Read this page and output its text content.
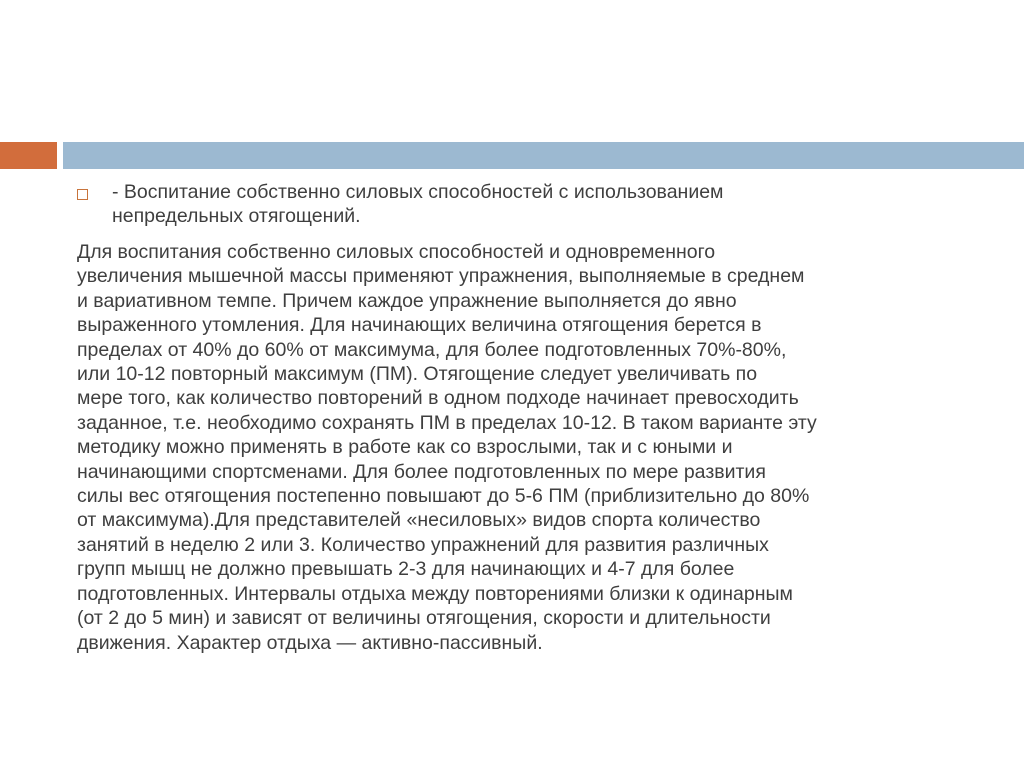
- Воспитание собственно силовых способностей с использованием
непредельных отягощений.
Для воспитания собственно силовых способностей и одновременного
увеличения мышечной массы применяют упражнения, выполняемые в среднем
и вариативном темпе. Причем каждое упражнение выполняется до явно
выраженного утомления. Для начинающих величина отягощения берется в
пределах от 40% до 60% от максимума, для более подготовленных 70%-80%,
или 10-12 повторный максимум (ПМ). Отягощение следует увеличивать по
мере того, как количество повторений в одном подходе начинает превосходить
заданное, т.е. необходимо сохранять ПМ в пределах 10-12. В таком варианте эту
методику можно применять в работе как со взрослыми, так и с юными и
начинающими спортсменами. Для более подготовленных по мере развития
силы вес отягощения постепенно повышают до 5-6 ПМ (приблизительно до 80%
от максимума).Для представителей «несиловых» видов спорта количество
занятий в неделю 2 или 3. Количество упражнений для развития различных
групп мышц не должно превышать 2-3 для начинающих и 4-7 для более
подготовленных. Интервалы отдыха между повторениями близки к одинарным
(от 2 до 5 мин) и зависят от величины отягощения, скорости и длительности
движения. Характер отдыха — активно-пассивный.
